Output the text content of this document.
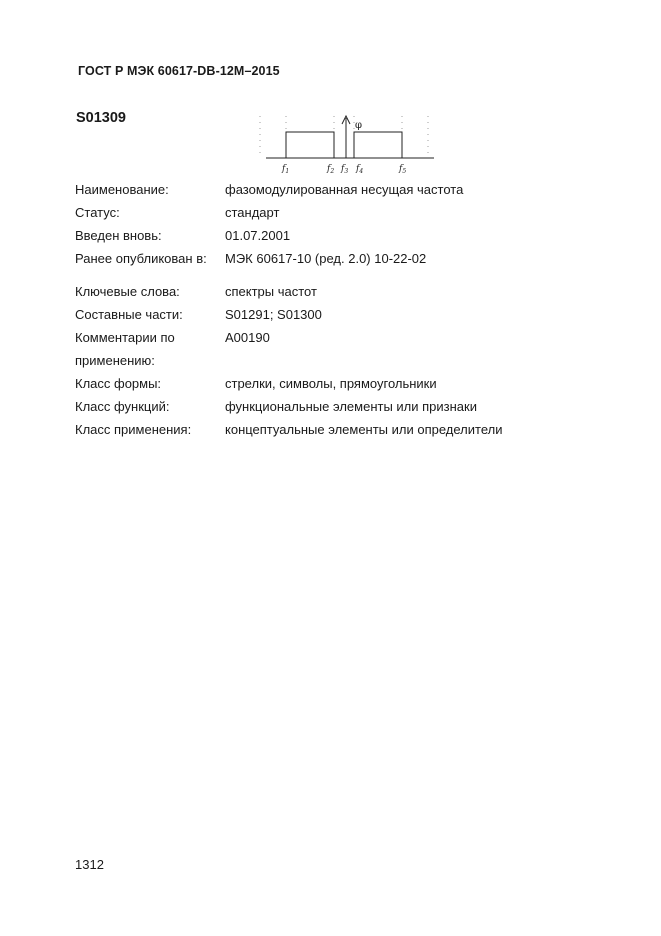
ГОСТ Р МЭК 60617-DB-12M–2015
S01309	φ
$f_1$	$f_2$ $f_3$ $f_4$	$f_5$
Наименование:	фазомодулированная несущая частота
Статус:	стандарт
Введен вновь:	01.07.2001
Ранее опубликован в:	МЭК 60617-10 (ред. 2.0) 10-22-02
Ключевые слова:	спектры частот
Составные части:	S01291; S01300
Комментарии по	A00190
применению:
Класс формы:	стрелки, символы, прямоугольники
Класс функций:	функциональные элементы или признаки
Класс применения:	концептуальные элементы или определители
1312
